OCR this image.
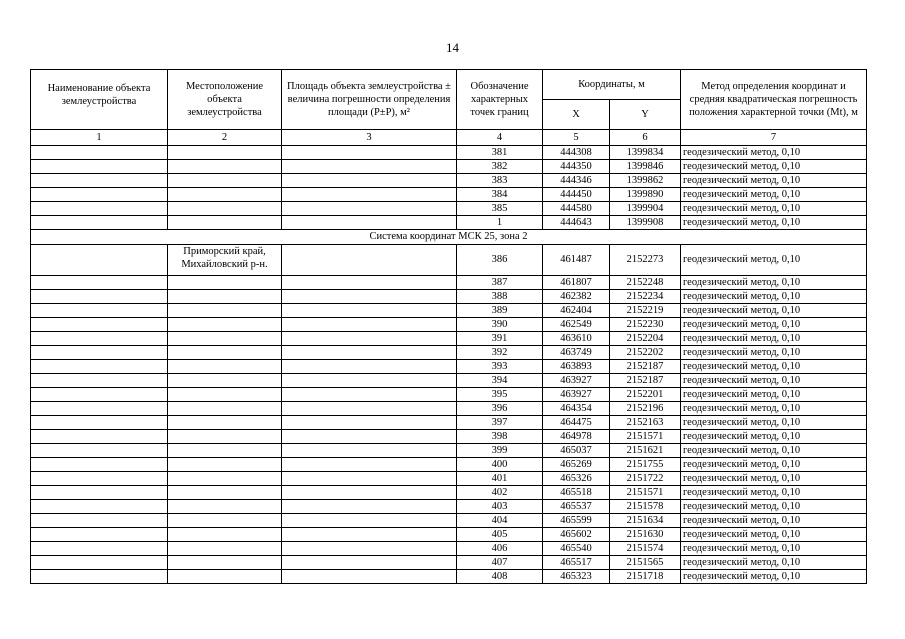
14
Наименование объекта землеустройства	Местоположение объекта землеустройства	Площадь объекта землеустройства ± величина погрешности определения площади (P±P), м²	Обозначение характерных точек границ	Координаты, м		Метод определения координат и средняя квадратическая погрешность положения характерной точки (Mt), м
				X	Y	
1	2	3	4	5	6	7
			381	444308	1399834	геодезический метод, 0,10
			382	444350	1399846	геодезический метод, 0,10
			383	444346	1399862	геодезический метод, 0,10
			384	444450	1399890	геодезический метод, 0,10
			385	444580	1399904	геодезический метод, 0,10
			1	444643	1399908	геодезический метод, 0,10
Система координат МСК 25, зона 2						
	Приморский край, Михайловский р-н.		386	461487	2152273	геодезический метод, 0,10
			387	461807	2152248	геодезический метод, 0,10
			388	462382	2152234	геодезический метод, 0,10
			389	462404	2152219	геодезический метод, 0,10
			390	462549	2152230	геодезический метод, 0,10
			391	463610	2152204	геодезический метод, 0,10
			392	463749	2152202	геодезический метод, 0,10
			393	463893	2152187	геодезический метод, 0,10
			394	463927	2152187	геодезический метод, 0,10
			395	463927	2152201	геодезический метод, 0,10
			396	464354	2152196	геодезический метод, 0,10
			397	464475	2152163	геодезический метод, 0,10
			398	464978	2151571	геодезический метод, 0,10
			399	465037	2151621	геодезический метод, 0,10
			400	465269	2151755	геодезический метод, 0,10
			401	465326	2151722	геодезический метод, 0,10
			402	465518	2151571	геодезический метод, 0,10
			403	465537	2151578	геодезический метод, 0,10
			404	465599	2151634	геодезический метод, 0,10
			405	465602	2151630	геодезический метод, 0,10
			406	465540	2151574	геодезический метод, 0,10
			407	465517	2151565	геодезический метод, 0,10
			408	465323	2151718	геодезический метод, 0,10
